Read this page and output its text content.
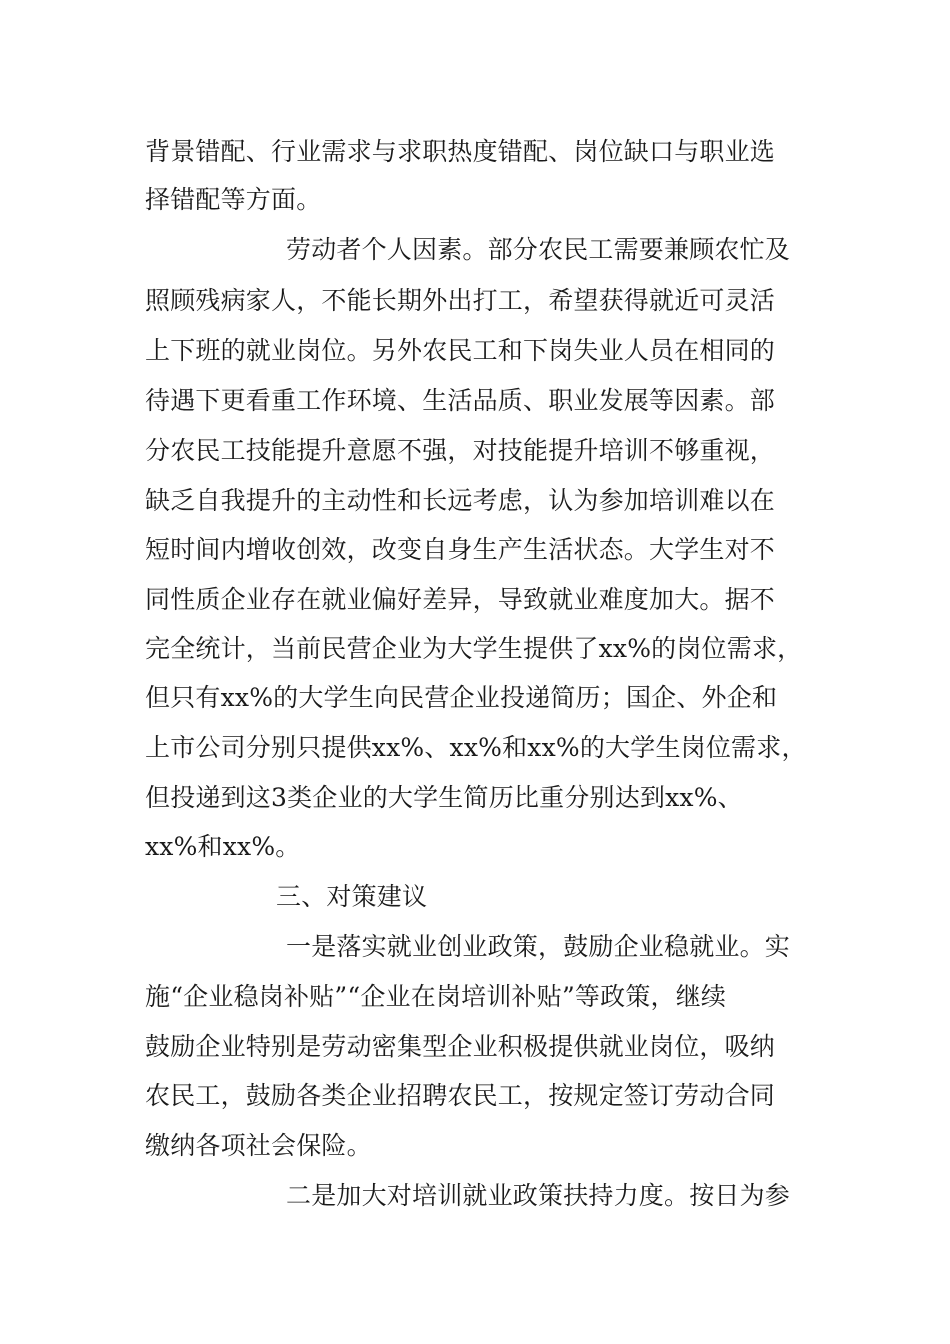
背景错配、行业需求与求职热度错配、岗位缺口与职业选

择错配等方面。

劳动者个人因素。部分农民工需要兼顾农忙及

照顾残病家人，不能长期外出打工，希望获得就近可灵活

上下班的就业岗位。另外农民工和下岗失业人员在相同的

待遇下更看重工作环境、生活品质、职业发展等因素。部

分农民工技能提升意愿不强，对技能提升培训不够重视，

缺乏自我提升的主动性和长远考虑，认为参加培训难以在

短时间内增收创效，改变自身生产生活状态。大学生对不

同性质企业存在就业偏好差异，导致就业难度加大。据不

完全统计，当前民营企业为大学生提供了xx%的岗位需求，

但只有xx%的大学生向民营企业投递简历；国企、外企和

上市公司分别只提供xx%、xx%和xx%的大学生岗位需求，

但投递到这3类企业的大学生简历比重分别达到xx%、

xx%和xx%。

三、对策建议

一是落实就业创业政策，鼓励企业稳就业。实

施“企业稳岗补贴”“企业在岗培训补贴”等政策，继续

鼓励企业特别是劳动密集型企业积极提供就业岗位，吸纳

农民工，鼓励各类企业招聘农民工，按规定签订劳动合同

缴纳各项社会保险。

二是加大对培训就业政策扶持力度。按日为参
